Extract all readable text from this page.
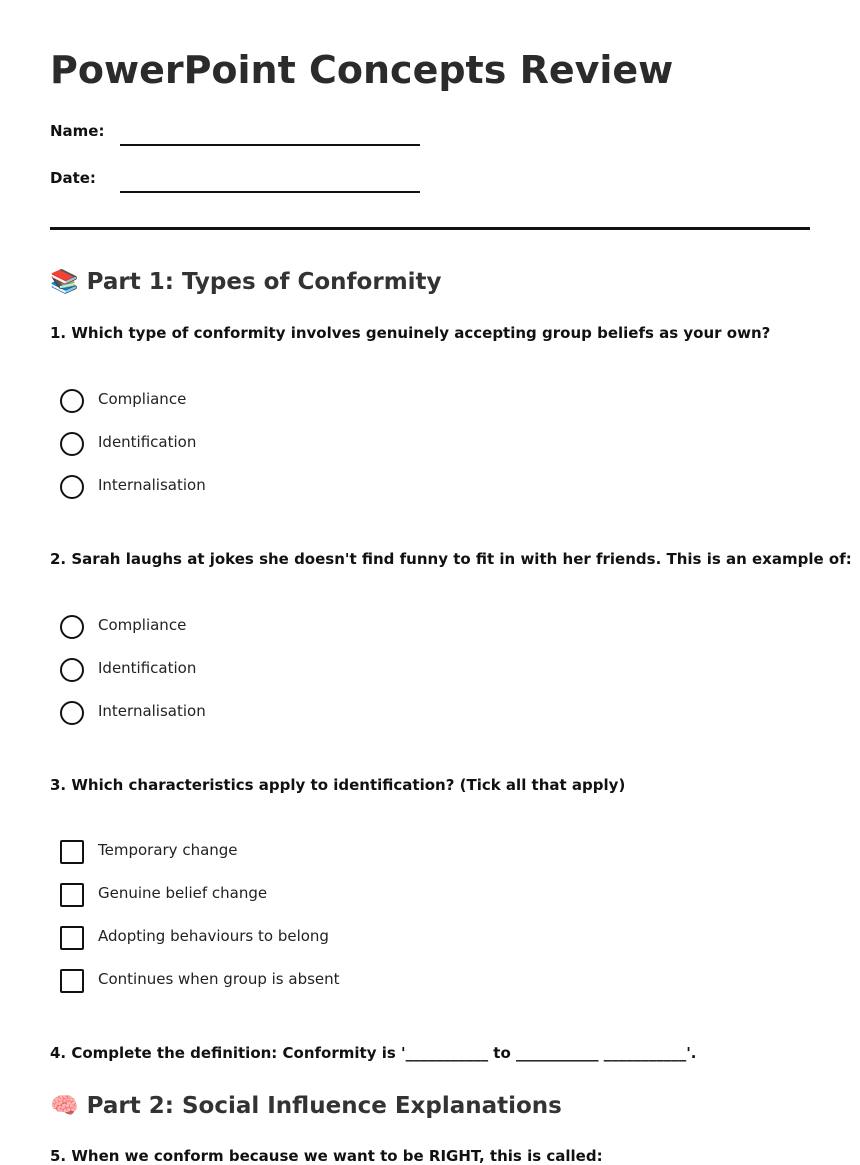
PowerPoint Concepts Review
Name:
Date:
📚 Part 1: Types of Conformity
1. Which type of conformity involves genuinely accepting group beliefs as your own?
Compliance
Identification
Internalisation
2. Sarah laughs at jokes she doesn't find funny to fit in with her friends. This is an example of:
Compliance
Identification
Internalisation
3. Which characteristics apply to identification? (Tick all that apply)
Temporary change
Genuine belief change
Adopting behaviours to belong
Continues when group is absent
4. Complete the definition: Conformity is '___________ to ___________ ___________'.
🧠 Part 2: Social Influence Explanations
5. When we conform because we want to be RIGHT, this is called:
